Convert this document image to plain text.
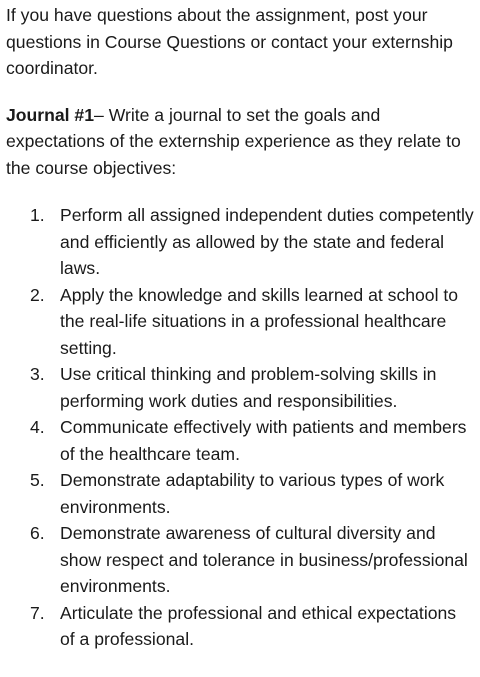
If you have questions about the assignment, post your questions in Course Questions or contact your externship coordinator.

Journal #1– Write a journal to set the goals and expectations of the externship experience as they relate to the course objectives:

1. Perform all assigned independent duties competently and efficiently as allowed by the state and federal laws.
2. Apply the knowledge and skills learned at school to the real-life situations in a professional healthcare setting.
3. Use critical thinking and problem-solving skills in performing work duties and responsibilities.
4. Communicate effectively with patients and members of the healthcare team.
5. Demonstrate adaptability to various types of work environments.
6. Demonstrate awareness of cultural diversity and show respect and tolerance in business/professional environments.
7. Articulate the professional and ethical expectations of a professional.
